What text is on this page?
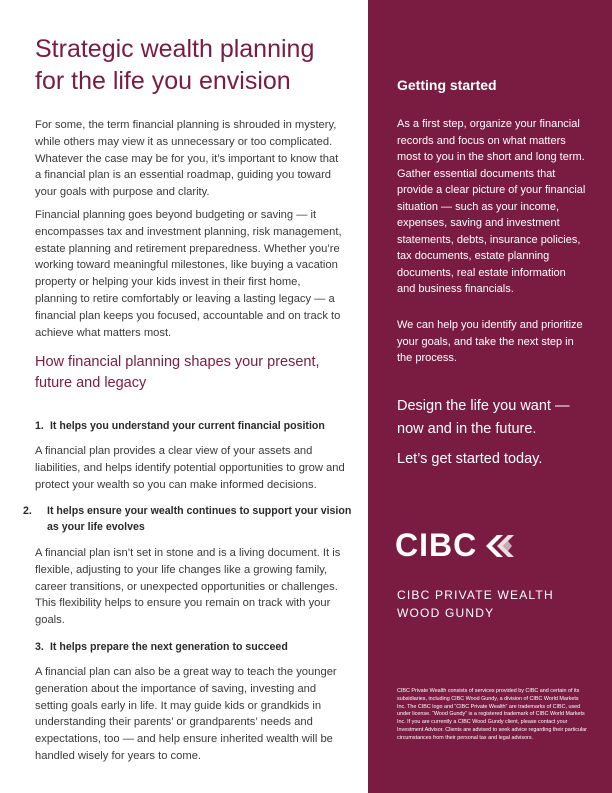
Strategic wealth planning
for the life you envision

For some, the term financial planning is shrouded in mystery, while others may view it as unnecessary or too complicated. Whatever the case may be for you, it’s important to know that a financial plan is an essential roadmap, guiding you toward your goals with purpose and clarity.

Financial planning goes beyond budgeting or saving — it encompasses tax and investment planning, risk management, estate planning and retirement preparedness. Whether you’re working toward meaningful milestones, like buying a vacation property or helping your kids invest in their first home, planning to retire comfortably or leaving a lasting legacy — a financial plan keeps you focused, accountable and on track to achieve what matters most.

How financial planning shapes your present, future and legacy

1. It helps you understand your current financial position

A financial plan provides a clear view of your assets and liabilities, and helps identify potential opportunities to grow and protect your wealth so you can make informed decisions.

2. It helps ensure your wealth continues to support your vision as your life evolves

A financial plan isn’t set in stone and is a living document. It is flexible, adjusting to your life changes like a growing family, career transitions, or unexpected opportunities or challenges. This flexibility helps to ensure you remain on track with your goals.

3. It helps prepare the next generation to succeed

A financial plan can also be a great way to teach the younger generation about the importance of saving, investing and setting goals early in life. It may guide kids or grandkids in understanding their parents’ or grandparents’ needs and expectations, too — and help ensure inherited wealth will be handled wisely for years to come.

Getting started

As a first step, organize your financial records and focus on what matters most to you in the short and long term. Gather essential documents that provide a clear picture of your financial situation — such as your income, expenses, saving and investment statements, debts, insurance policies, tax documents, estate planning documents, real estate information and business financials.

We can help you identify and prioritize your goals, and take the next step in the process.

Design the life you want —
now and in the future.

Let’s get started today.

CIBC

CIBC PRIVATE WEALTH
WOOD GUNDY

CIBC Private Wealth consists of services provided by CIBC and certain of its subsidiaries, including CIBC Wood Gundy, a division of CIBC World Markets Inc. The CIBC logo and “CIBC Private Wealth” are trademarks of CIBC, used under license. “Wood Gundy” is a registered trademark of CIBC World Markets Inc. If you are currently a CIBC Wood Gundy client, please contact your Investment Advisor. Clients are advised to seek advice regarding their particular circumstances from their personal tax and legal advisors.
